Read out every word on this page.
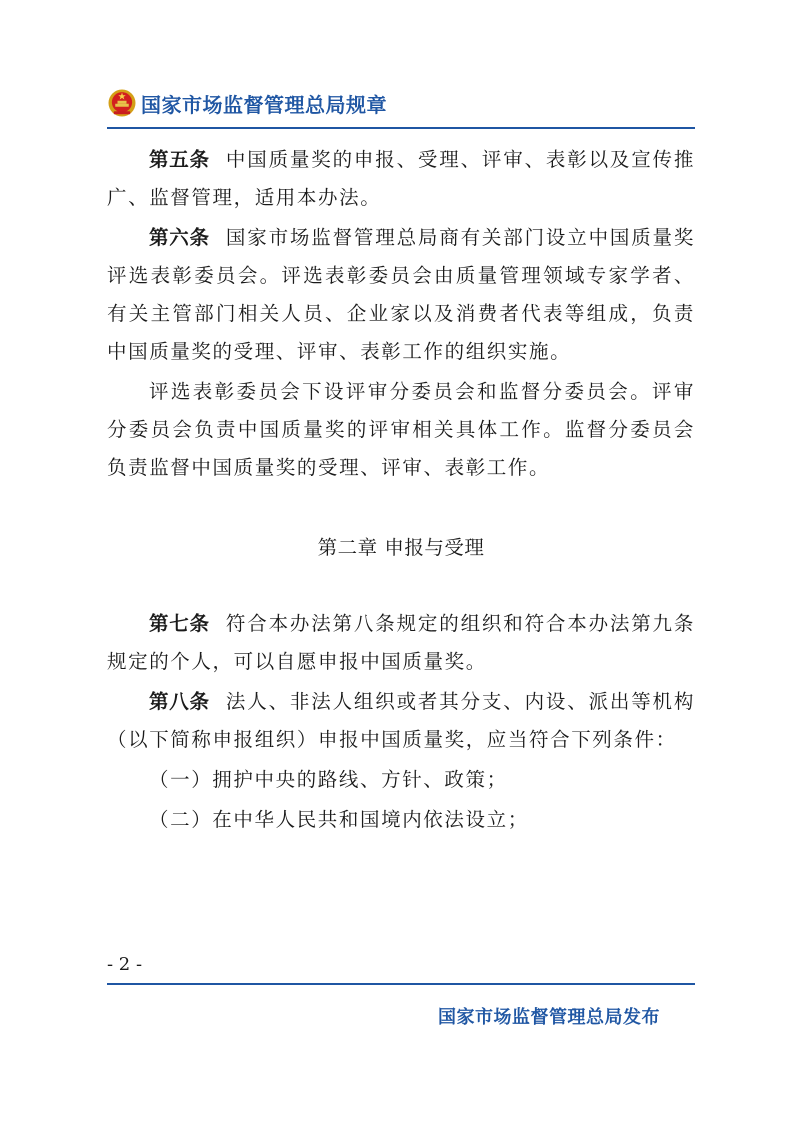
国家市场监督管理总局规章

第五条 中国质量奖的申报、受理、评审、表彰以及宣传推广、监督管理，适用本办法。

第六条 国家市场监督管理总局商有关部门设立中国质量奖评选表彰委员会。评选表彰委员会由质量管理领域专家学者、有关主管部门相关人员、企业家以及消费者代表等组成，负责中国质量奖的受理、评审、表彰工作的组织实施。

评选表彰委员会下设评审分委员会和监督分委员会。评审分委员会负责中国质量奖的评审相关具体工作。监督分委员会负责监督中国质量奖的受理、评审、表彰工作。

第二章 申报与受理

第七条 符合本办法第八条规定的组织和符合本办法第九条规定的个人，可以自愿申报中国质量奖。

第八条 法人、非法人组织或者其分支、内设、派出等机构（以下简称申报组织）申报中国质量奖，应当符合下列条件：

（一）拥护中央的路线、方针、政策；

（二）在中华人民共和国境内依法设立；

- 2 -
国家市场监督管理总局发布
